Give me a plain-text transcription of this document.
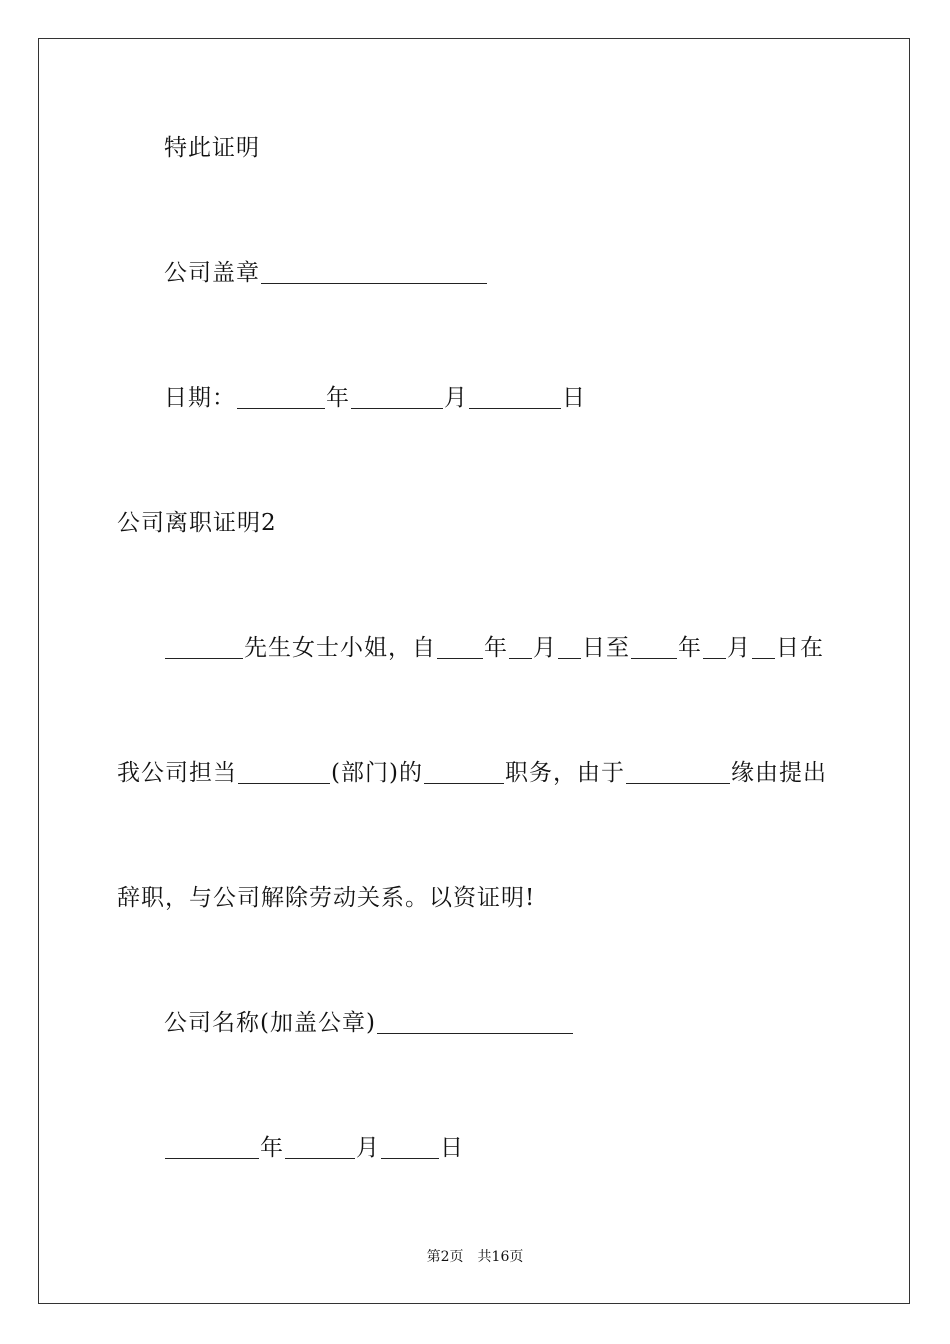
特此证明
公司盖章
日期：	年	月	日
公司离职证明2
先生女士小姐，自 年 月 日至 年 月 日在
我公司担当	(部门)的	职务，由于	缘由提出
辞职，与公司解除劳动关系。以资证明!
公司名称(加盖公章)
年	月	日
第2页 共16页
